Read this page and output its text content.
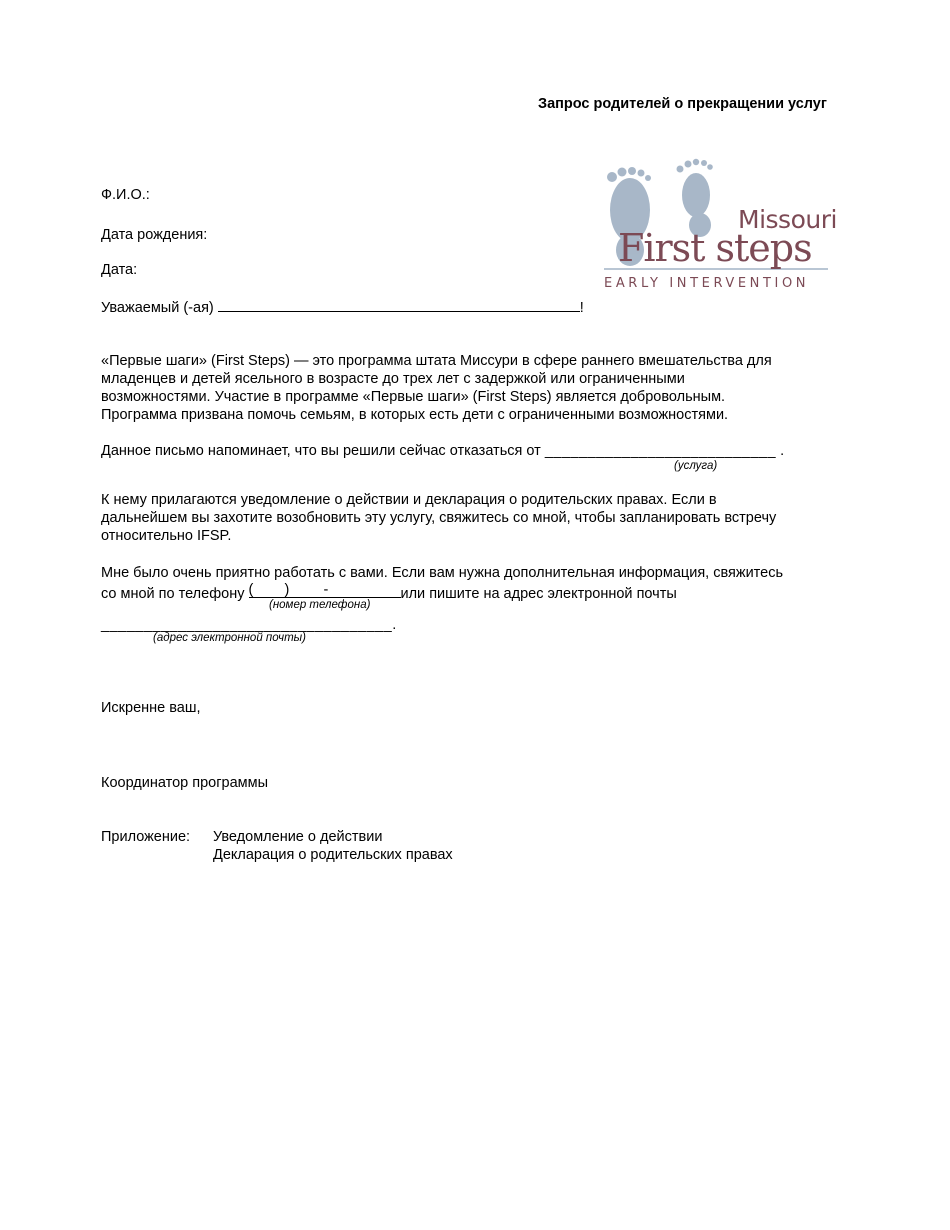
Запрос родителей о прекращении услуг
Missouri
First steps
EARLY INTERVENTION
Ф.И.О.:
Дата рождения:
Дата:
Уважаемый (-ая)	!
«Первые шаги» (First Steps) — это программа штата Миссури в сфере раннего вмешательства для
младенцев и детей ясельного в возрасте до трех лет с задержкой или ограниченными
возможностями. Участие в программе «Первые шаги» (First Steps) является добровольным.
Программа призвана помочь семьям, в которых есть дети с ограниченными возможностями.
Данное письмо напоминает, что вы решили сейчас отказаться от ___________________________ .
(услуга)
К нему прилагаются уведомление о действии и декларация о родительских правах. Если в
дальнейшем вы захотите возобновить эту услугу, свяжитесь со мной, чтобы запланировать встречу
относительно IFSP.
Мне было очень приятно работать с вами. Если вам нужна дополнительная информация, свяжитесь
со мной по телефону ( ) -	или пишите на адрес электронной почты
(номер телефона)
__________________________________.
(адрес электронной почты)
Искренне ваш,
Координатор программы
Приложение: Уведомление о действии
Декларация о родительских правах
